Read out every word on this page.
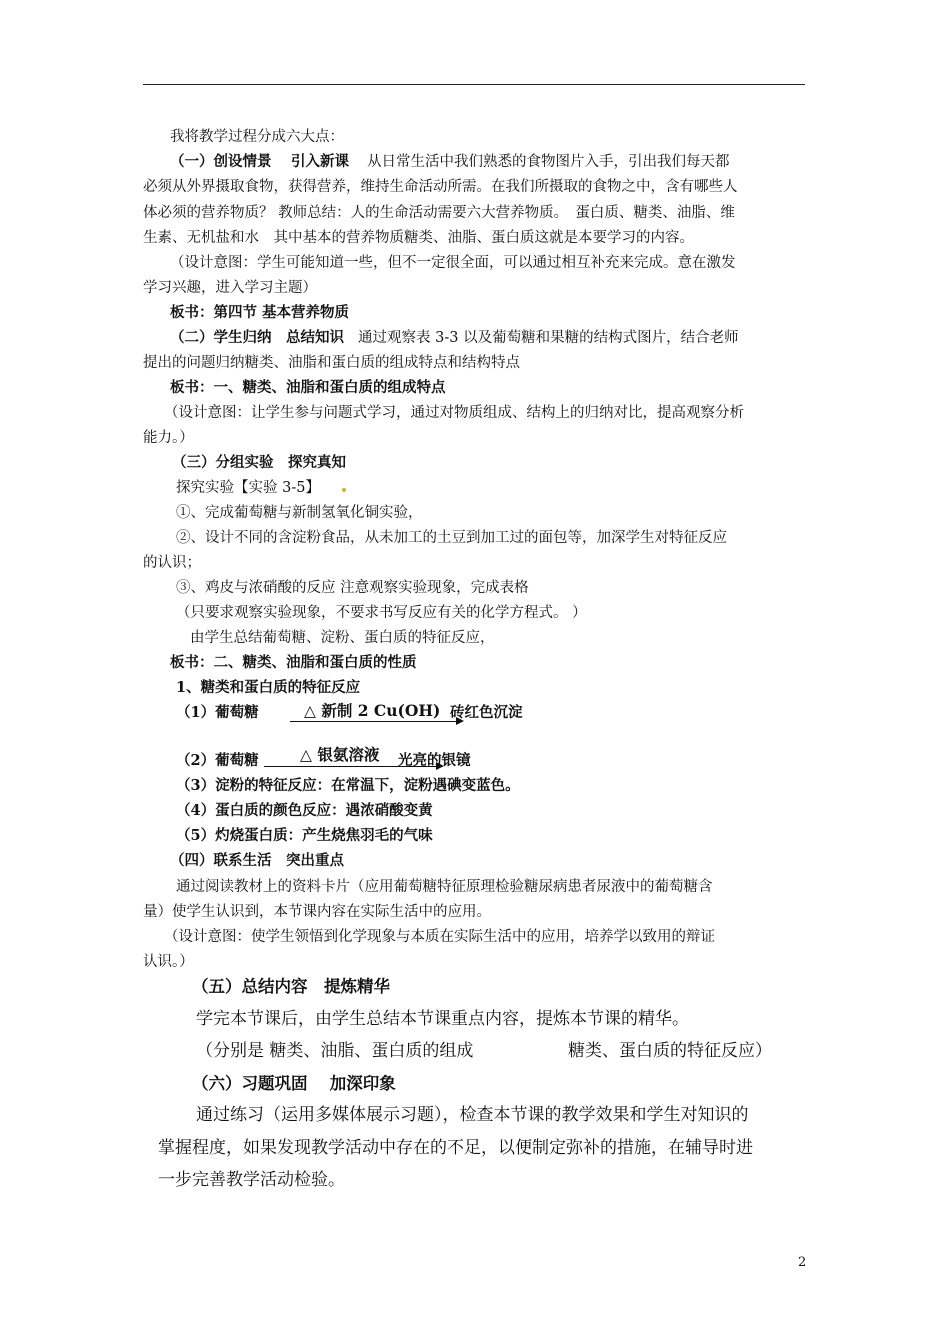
我将教学过程分成六大点：
（一）创设情景　 引入新课 从日常生活中我们熟悉的食物图片入手，引出我们每天都
必须从外界摄取食物，获得营养，维持生命活动所需。在我们所摄取的食物之中，含有哪些人
体必须的营养物质？ 教师总结：人的生命活动需要六大营养物质。　蛋白质、糖类、油脂、维
生素、无机盐和水　其中基本的营养物质糖类、油脂、蛋白质这就是本要学习的内容。
（设计意图：学生可能知道一些，但不一定很全面，可以通过相互补充来完成。意在激发
学习兴趣，进入学习主题）
板书：第四节 基本营养物质
（二）学生归纳　总结知识 通过观察表 3-3 以及葡萄糖和果糖的结构式图片，结合老师
提出的问题归纳糖类、油脂和蛋白质的组成特点和结构特点
板书：一、糖类、油脂和蛋白质的组成特点
（设计意图：让学生参与问题式学习，通过对物质组成、结构上的归纳对比，提高观察分析
能力。）
（三）分组实验　探究真知
探究实验【实验 3-5】
①、完成葡萄糖与新制氢氧化铜实验，
②、设计不同的含淀粉食品，从未加工的土豆到加工过的面包等，加深学生对特征反应
的认识；
③、鸡皮与浓硝酸的反应 注意观察实验现象，完成表格
（只要求观察实验现象，不要求书写反应有关的化学方程式。 ）
由学生总结葡萄糖、淀粉、蛋白质的特征反应，
板书：二、糖类、油脂和蛋白质的性质
1、糖类和蛋白质的特征反应
（1）葡萄糖	△ 新制 2 Cu(OH) 砖红色沉淀
（2）葡萄糖	△ 银氨溶液	光亮的银镜
（3）淀粉的特征反应：在常温下，淀粉遇碘变蓝色。
（4）蛋白质的颜色反应：遇浓硝酸变黄
（5）灼烧蛋白质：产生烧焦羽毛的气味
（四）联系生活　突出重点
通过阅读教材上的资料卡片（应用葡萄糖特征原理检验糖尿病患者尿液中的葡萄糖含
量）使学生认识到，本节课内容在实际生活中的应用。
（设计意图：使学生领悟到化学现象与本质在实际生活中的应用，培养学以致用的辩证
认识。）
（五）总结内容　提炼精华
学完本节课后，由学生总结本节课重点内容，提炼本节课的精华。
（分别是 糖类、油脂、蛋白质的组成	糖类、蛋白质的特征反应）
（六）习题巩固　 加深印象
通过练习（运用多媒体展示习题），检查本节课的教学效果和学生对知识的
掌握程度，如果发现教学活动中存在的不足，以便制定弥补的措施，在辅导时进
一步完善教学活动检验。
2
